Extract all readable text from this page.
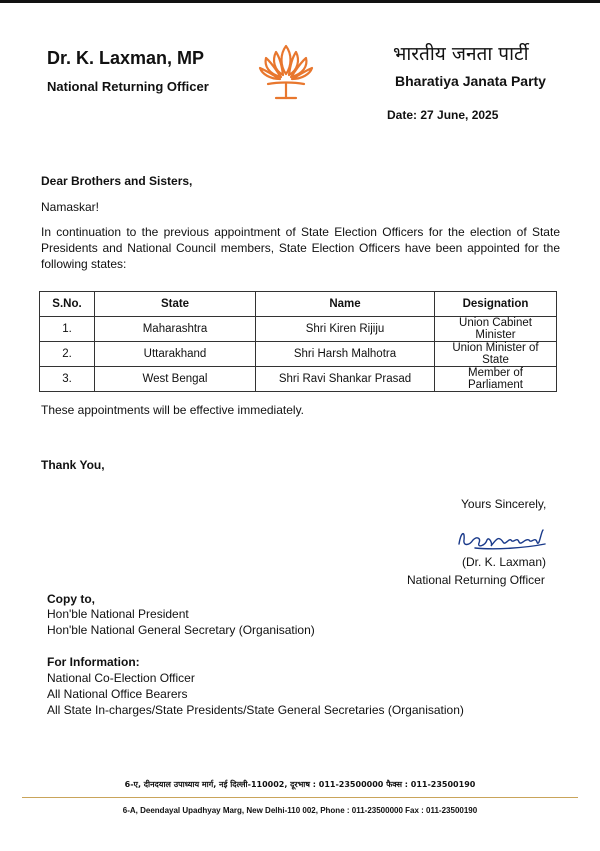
Dr. K. Laxman, MP
National Returning Officer
भारतीय जनता पार्टी
Bharatiya Janata Party
Date: 27 June, 2025
Dear Brothers and Sisters,
Namaskar!
In continuation to the previous appointment of State Election Officers for the election of State Presidents and National Council members, State Election Officers have been appointed for the following states:
S.No.	State	Name	Designation
1.	Maharashtra	Shri Kiren Rijiju	Union Cabinet Minister
2.	Uttarakhand	Shri Harsh Malhotra	Union Minister of State
3.	West Bengal	Shri Ravi Shankar Prasad	Member of Parliament
These appointments will be effective immediately.
Thank You,
Yours Sincerely,
(Dr. K. Laxman)
National Returning Officer
Copy to,
Hon'ble National President
Hon'ble National General Secretary (Organisation)
For Information:
National Co-Election Officer
All National Office Bearers
All State In-charges/State Presidents/State General Secretaries (Organisation)
6-ए, दीनदयाल उपाध्याय मार्ग, नई दिल्ली-110002, दूरभाष : 011-23500000 फैक्स : 011-23500190
6-A, Deendayal Upadhyay Marg, New Delhi-110 002, Phone : 011-23500000 Fax : 011-23500190
